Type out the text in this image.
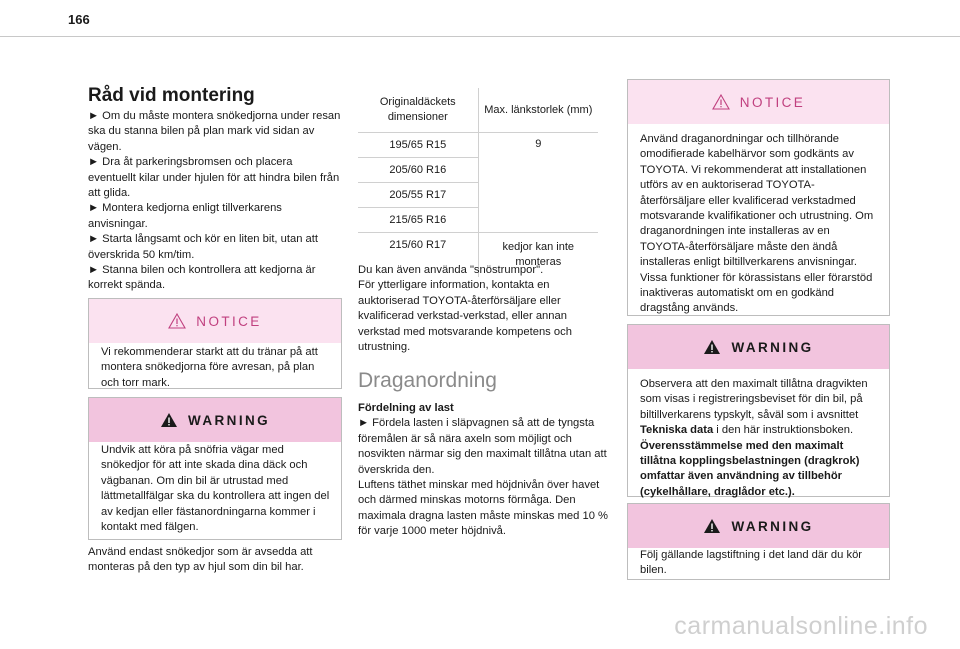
166
Råd vid montering

► Om du måste montera snökedjorna under resan ska du stanna bilen på plan mark vid sidan av vägen.

► Dra åt parkeringsbromsen och placera eventuellt kilar under hjulen för att hindra bilen från att glida.

► Montera kedjorna enligt tillverkarens anvisningar.

► Starta långsamt och kör en liten bit, utan att överskrida 50 km/tim.

► Stanna bilen och kontrollera att kedjorna är korrekt spända.

NOTICE

Vi rekommenderar starkt att du tränar på att montera snökedjorna före avresan, på plan och torr mark.

WARNING

Undvik att köra på snöfria vägar med snökedjor för att inte skada dina däck och vägbanan. Om din bil är utrustad med lättmetallfälgar ska du kontrollera att ingen del av kedjan eller fästanordningarna kommer i kontakt med fälgen.

Använd endast snökedjor som är avsedda att monteras på den typ av hjul som din bil har.

Originaldäckets dimensioner	Max. länkstorlek (mm)
195/65 R15	9
205/60 R16	
205/55 R17	
215/65 R16	
215/60 R17	kedjor kan inte monteras

Du kan även använda "snöstrumpor".

För ytterligare information, kontakta en auktoriserad TOYOTA-återförsäljare eller kvalificerad verkstad-verkstad, eller annan verkstad med motsvarande kompetens och utrustning.

Draganordning

Fördelning av last

► Fördela lasten i släpvagnen så att de tyngsta föremålen är så nära axeln som möjligt och nosvikten närmar sig den maximalt tillåtna utan att överskrida den.

Luftens täthet minskar med höjdnivån över havet och därmed minskas motorns förmåga. Den maximala dragna lasten måste minskas med 10 % för varje 1000 meter höjdnivå.

NOTICE

Använd draganordningar och tillhörande omodifierade kabelhärvor som godkänts av TOYOTA. Vi rekommenderat att installationen utförs av en auktoriserad TOYOTA-återförsäljare eller kvalificerad verkstadmed motsvarande kvalifikationer och utrustning. Om draganordningen inte installeras av en TOYOTA-återförsäljare måste den ändå installeras enligt biltillverkarens anvisningar. Vissa funktioner för körassistans eller förarstöd inaktiveras automatiskt om en godkänd dragstång används.

WARNING

Observera att den maximalt tillåtna dragvikten som visas i registreringsbeviset för din bil, på biltillverkarens typskylt, såväl som i avsnittet Tekniska data i den här instruktionsboken.

Överensstämmelse med den maximalt tillåtna kopplingsbelastningen (dragkrok) omfattar även användning av tillbehör (cykelhållare, draglådor etc.).

WARNING

Följ gällande lagstiftning i det land där du kör bilen.

carmanualsonline.info
